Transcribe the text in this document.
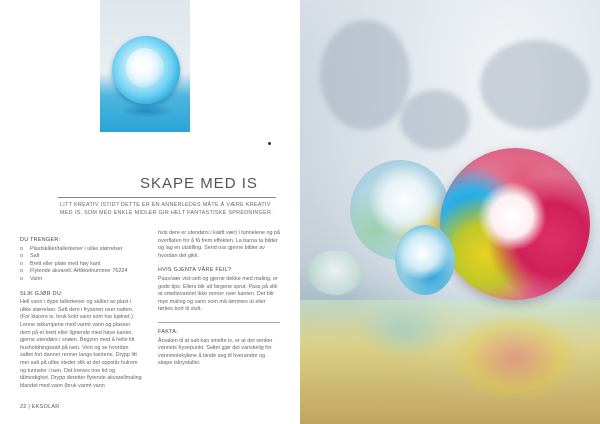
SKAPE MED IS
LITT KREATIV ISTID? DETTE ER EN ANNERLEDES MÅTE Å VÆRE KREATIV MED IS, SOM MED ENKLE MIDLER GIR HELT FANTASTISKE SPREDNINGER.
DU TRENGER:
o Plastskåler/tallerkener i ulike størrelser
o Salt
o Brett eller plate med høy kant
o Flytende akvarell. Artikkelnummer 76224
o Vann
SLIK GJØR DU:
Hell vann i dype tallerkener og skåler av plast i ulike størrelser. Sett dem i fryseren over natten. (For klarere is, bruk kokt vann som har kjølnet.) Lenne isklumpene med varmt vann og plasser dem på et brett eller lignende med høye kanter, gjerne utendørs i snøen. Begynn med å helle litt husholdningssalt på isen. Vent og se hvordan saltet fort danner renner langs kantene. Drypp litt mer salt på ulike steder slik at det oppstår hulrom og tunneler i isen. Det kreves noe tid og tålmodighet. Drypp deretter flytende akvarellmaling blandet med vann (bruk varmt vann
hvis dere er utendørs i kaldt vær) i tunnelene og på overflaten for å få frem effekten. La barna ta bilder og lag en utstilling. Send oss gjerne bilder av hvordan det gikk.
HVIS GJENTA VÅRE FEIL?
Pass/vær vist-sett og gjerne dekke med maling, er gode tips: Ellers blir alt fargene sprut. Pass på slik at smeltevannet ikke renner over kanten. Det blir mye maling og vann som må tømmes ut eller tørkes bort til slutt.
FAKTA:
Årsaken til at salt kan smelte is, er at det senker vannets frysepunkt. Saltet gjør det vanskelig for vannmolekylene å binde seg til hverandre og skape iskrystaller.
22 | EKSOLAR
